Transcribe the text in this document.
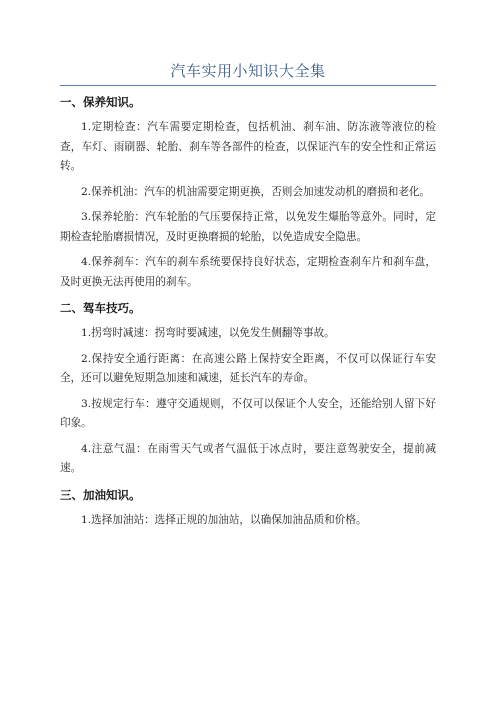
汽车实用小知识大全集
一、保养知识。

1.定期检查：汽车需要定期检查，包括机油、刹车油、防冻液等液位的检查，车灯、雨刷器、轮胎、刹车等各部件的检查，以保证汽车的安全性和正常运转。

2.保养机油：汽车的机油需要定期更换，否则会加速发动机的磨损和老化。

3.保养轮胎：汽车轮胎的气压要保持正常，以免发生爆胎等意外。同时，定期检查轮胎磨损情况，及时更换磨损的轮胎，以免造成安全隐患。

4.保养刹车：汽车的刹车系统要保持良好状态，定期检查刹车片和刹车盘，及时更换无法再使用的刹车。

二、驾车技巧。

1.拐弯时减速：拐弯时要减速，以免发生侧翻等事故。

2.保持安全通行距离：在高速公路上保持安全距离，不仅可以保证行车安全，还可以避免短期急加速和减速，延长汽车的寿命。

3.按规定行车：遵守交通规则，不仅可以保证个人安全，还能给别人留下好印象。

4.注意气温：在雨雪天气或者气温低于冰点时，要注意驾驶安全，提前减速。

三、加油知识。

1.选择加油站：选择正规的加油站，以确保加油品质和价格。
